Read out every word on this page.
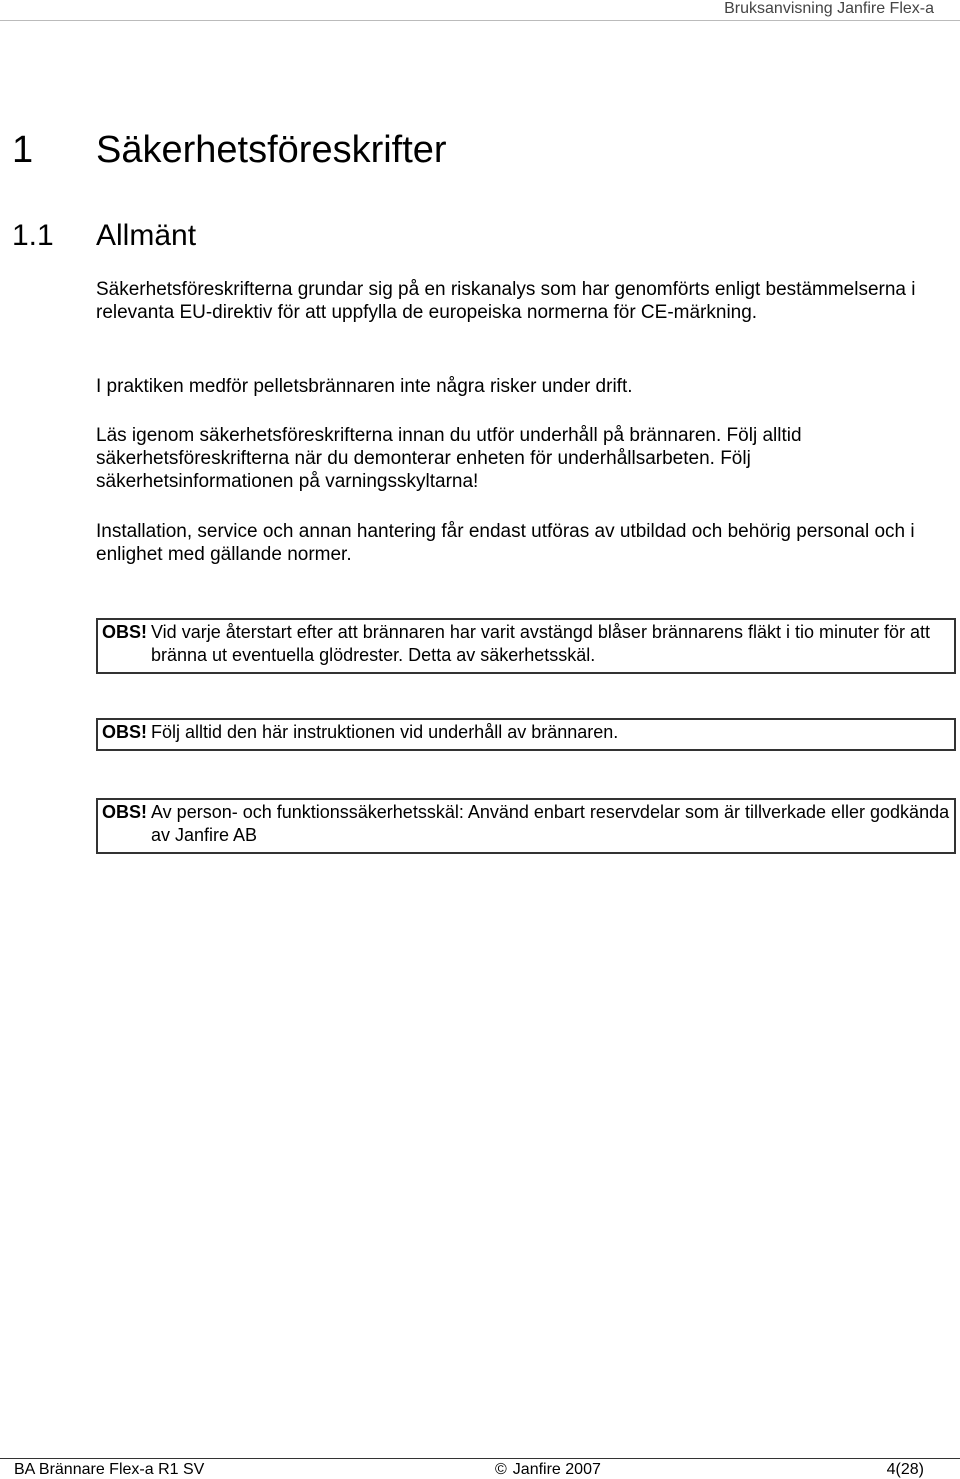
Bruksanvisning Janfire Flex-a
1 Säkerhetsföreskrifter
1.1 Allmänt

Säkerhetsföreskrifterna grundar sig på en riskanalys som har genomförts enligt bestämmelserna i relevanta EU-direktiv för att uppfylla de europeiska normerna för CE-märkning.

I praktiken medför pelletsbrännaren inte några risker under drift.

Läs igenom säkerhetsföreskrifterna innan du utför underhåll på brännaren. Följ alltid säkerhetsföreskrifterna när du demonterar enheten för underhållsarbeten. Följ säkerhetsinformationen på varningsskyltarna!

Installation, service och annan hantering får endast utföras av utbildad och behörig personal och i enlighet med gällande normer.

OBS! Vid varje återstart efter att brännaren har varit avstängd blåser brännarens fläkt i tio minuter för att bränna ut eventuella glödrester. Detta av säkerhetsskäl.
OBS! Följ alltid den här instruktionen vid underhåll av brännaren.
OBS! Av person- och funktionssäkerhetsskäl: Använd enbart reservdelar som är tillverkade eller godkända av Janfire AB
BA Brännare Flex-a R1 SV	© Janfire 2007	4(28)
